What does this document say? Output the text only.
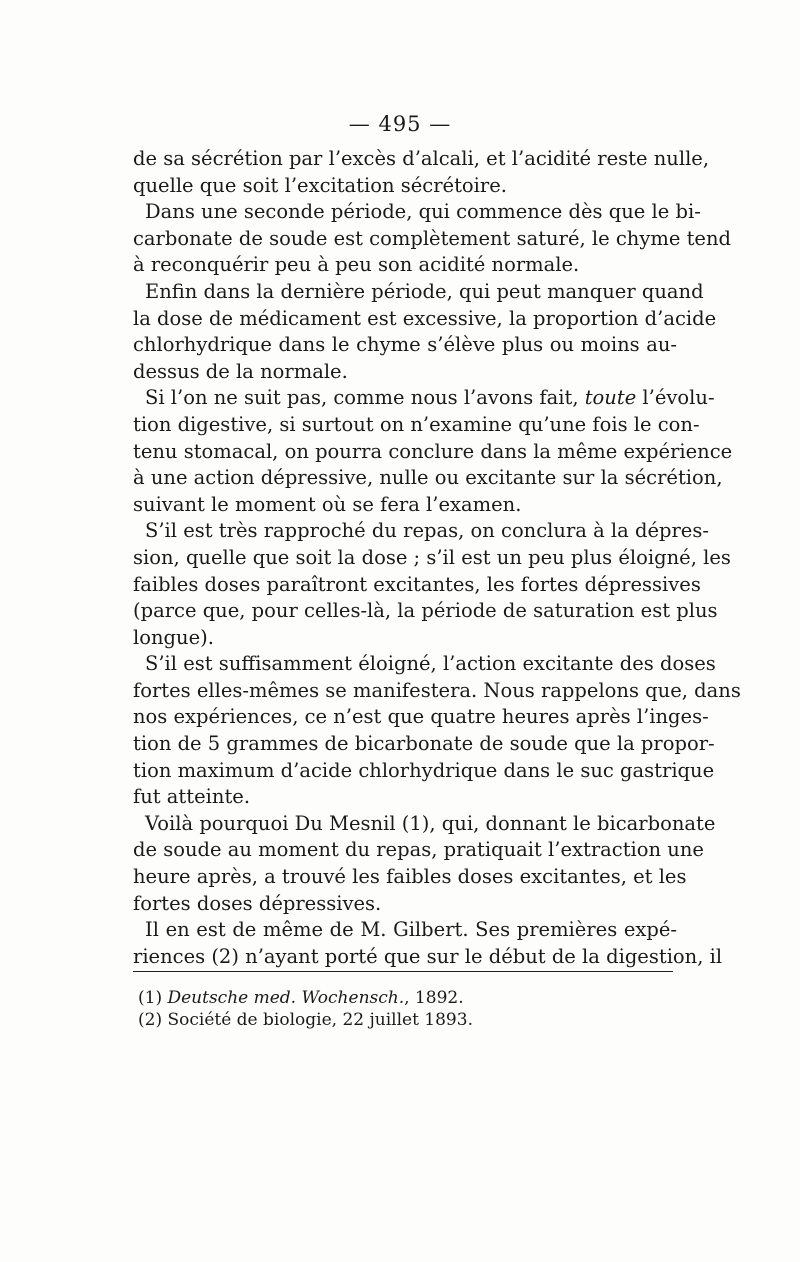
— 495 —
de sa sécrétion par l’excès d’alcali, et l’acidité reste nulle,
quelle que soit l’excitation sécrétoire.
Dans une seconde période, qui commence dès que le bi-
carbonate de soude est complètement saturé, le chyme tend
à reconquérir peu à peu son acidité normale.
Enfin dans la dernière période, qui peut manquer quand
la dose de médicament est excessive, la proportion d’acide
chlorhydrique dans le chyme s’élève plus ou moins au-
dessus de la normale.
Si l’on ne suit pas, comme nous l’avons fait, toute l’évolu-
tion digestive, si surtout on n’examine qu’une fois le con-
tenu stomacal, on pourra conclure dans la même expérience
à une action dépressive, nulle ou excitante sur la sécrétion,
suivant le moment où se fera l’examen.
S’il est très rapproché du repas, on conclura à la dépres-
sion, quelle que soit la dose ; s’il est un peu plus éloigné, les
faibles doses paraîtront excitantes, les fortes dépressives
(parce que, pour celles-là, la période de saturation est plus
longue).
S’il est suffisamment éloigné, l’action excitante des doses
fortes elles-mêmes se manifestera. Nous rappelons que, dans
nos expériences, ce n’est que quatre heures après l’inges-
tion de 5 grammes de bicarbonate de soude que la propor-
tion maximum d’acide chlorhydrique dans le suc gastrique
fut atteinte.
Voilà pourquoi Du Mesnil (1), qui, donnant le bicarbonate
de soude au moment du repas, pratiquait l’extraction une
heure après, a trouvé les faibles doses excitantes, et les
fortes doses dépressives.
Il en est de même de M. Gilbert. Ses premières expé-
riences (2) n’ayant porté que sur le début de la digestion, il
(1) Deutsche med. Wochensch., 1892.
(2) Société de biologie, 22 juillet 1893.
